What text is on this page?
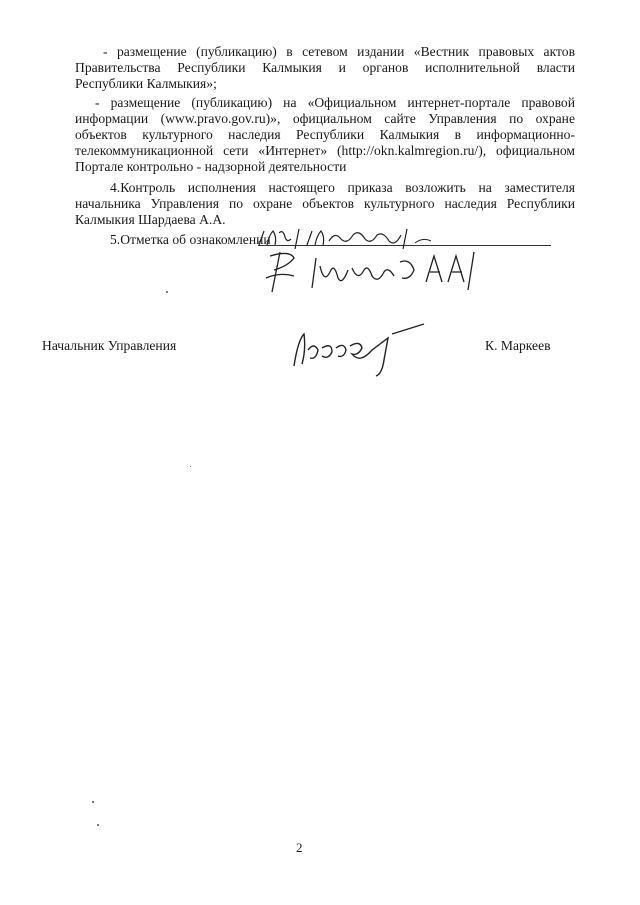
- размещение (публикацию) в сетевом издании «Вестник правовых актов
Правительства Республики Калмыкия и органов исполнительной власти
Республики Калмыкия»;
- размещение (публикацию) на «Официальном интернет-портале правовой
информации (www.pravo.gov.ru)», официальном сайте Управления по охране
объектов культурного наследия Республики Калмыкия в информационно-
телекоммуникационной сети «Интернет» (http://okn.kalmregion.ru/), официальном
Портале контрольно - надзорной деятельности
4.Контроль исполнения настоящего приказа возложить на заместителя
начальника Управления по охране объектов культурного наследия Республики
Калмыкия Шардаева А.А.
5.Отметка об ознакомлении
Начальник Управления	К. Маркеев
2
